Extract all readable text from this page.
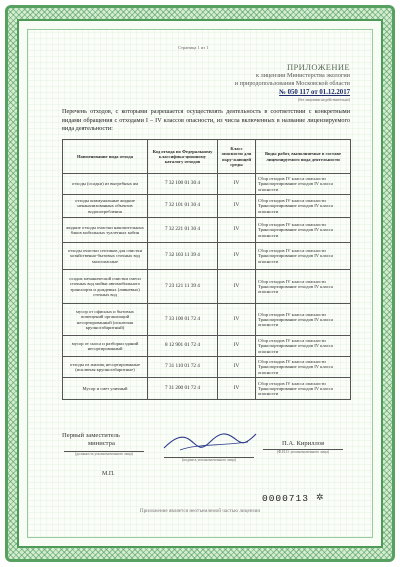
Страница 1 из 1
ПРИЛОЖЕНИЕ
к лицензии Министерства экологии
и природопользования Московской области
№ 050 117 от 01.12.2017
(без лицензии недействительно)
Перечень отходов, с которыми разрешается осуществлять деятельность в соответствии с конкретными видами обращения с отходами I – IV классов опасности, из числа включенных в название лицензируемого вида деятельности:
Наименование вида отхода	Код отхода по Федеральному классифика-ционному каталогу отходов	Класс опасности для окру-жающей среды	Виды работ, выполняемые в составе лицензируемого вида деятельности
отходы (осадки) из выгребных ям	7 32 100 01 30 4	IV	Сбор отходов IV класса опасности Транспортирование отходов IV класса опасности
отходы коммунальные жидкие неканализованных объектов водопотребления	7 32 101 01 30 4	IV	Сбор отходов IV класса опасности Транспортирование отходов IV класса опасности
жидкие отходы очистки накопительных баков мобильных туалетных кабин	7 32 221 01 30 4	IV	Сбор отходов IV класса опасности Транспортирование отходов IV класса опасности
отходы очистки септиков для очистки хозяйственно-бытовых сточных вод малоопасные	7 32 103 11 39 4	IV	Сбор отходов IV класса опасности Транспортирование отходов IV класса опасности
осадок механической очистки смеси сточных вод мойки автомобильного транспорта и дождевых (ливневых) сточных вод	7 23 121 11 39 4	IV	Сбор отходов IV класса опасности Транспортирование отходов IV класса опасности
мусор от офисных и бытовых помещений организаций несортированный (исключая крупногабаритный)	7 33 100 01 72 4	IV	Сбор отходов IV класса опасности Транспортирование отходов IV класса опасности
мусор от сноса и разборки зданий несортированный	8 12 901 01 72 4	IV	Сбор отходов IV класса опасности Транспортирование отходов IV класса опасности
отходы из жилищ несортированные (исключая крупногабаритные)	7 31 110 01 72 4	IV	Сбор отходов IV класса опасности Транспортирование отходов IV класса опасности
Мусор и смет уличный	7 31 200 01 72 4	IV	Сбор отходов IV класса опасности Транспортирование отходов IV класса опасности
Первый заместитель
министра
(должность уполномоченного лица)
(подпись уполномоченного лица)
П.А. Кириллов
(Ф.И.О. уполномоченного лица)
М.П.
0000713 ✲
Приложение является неотъемлемой частью лицензии
